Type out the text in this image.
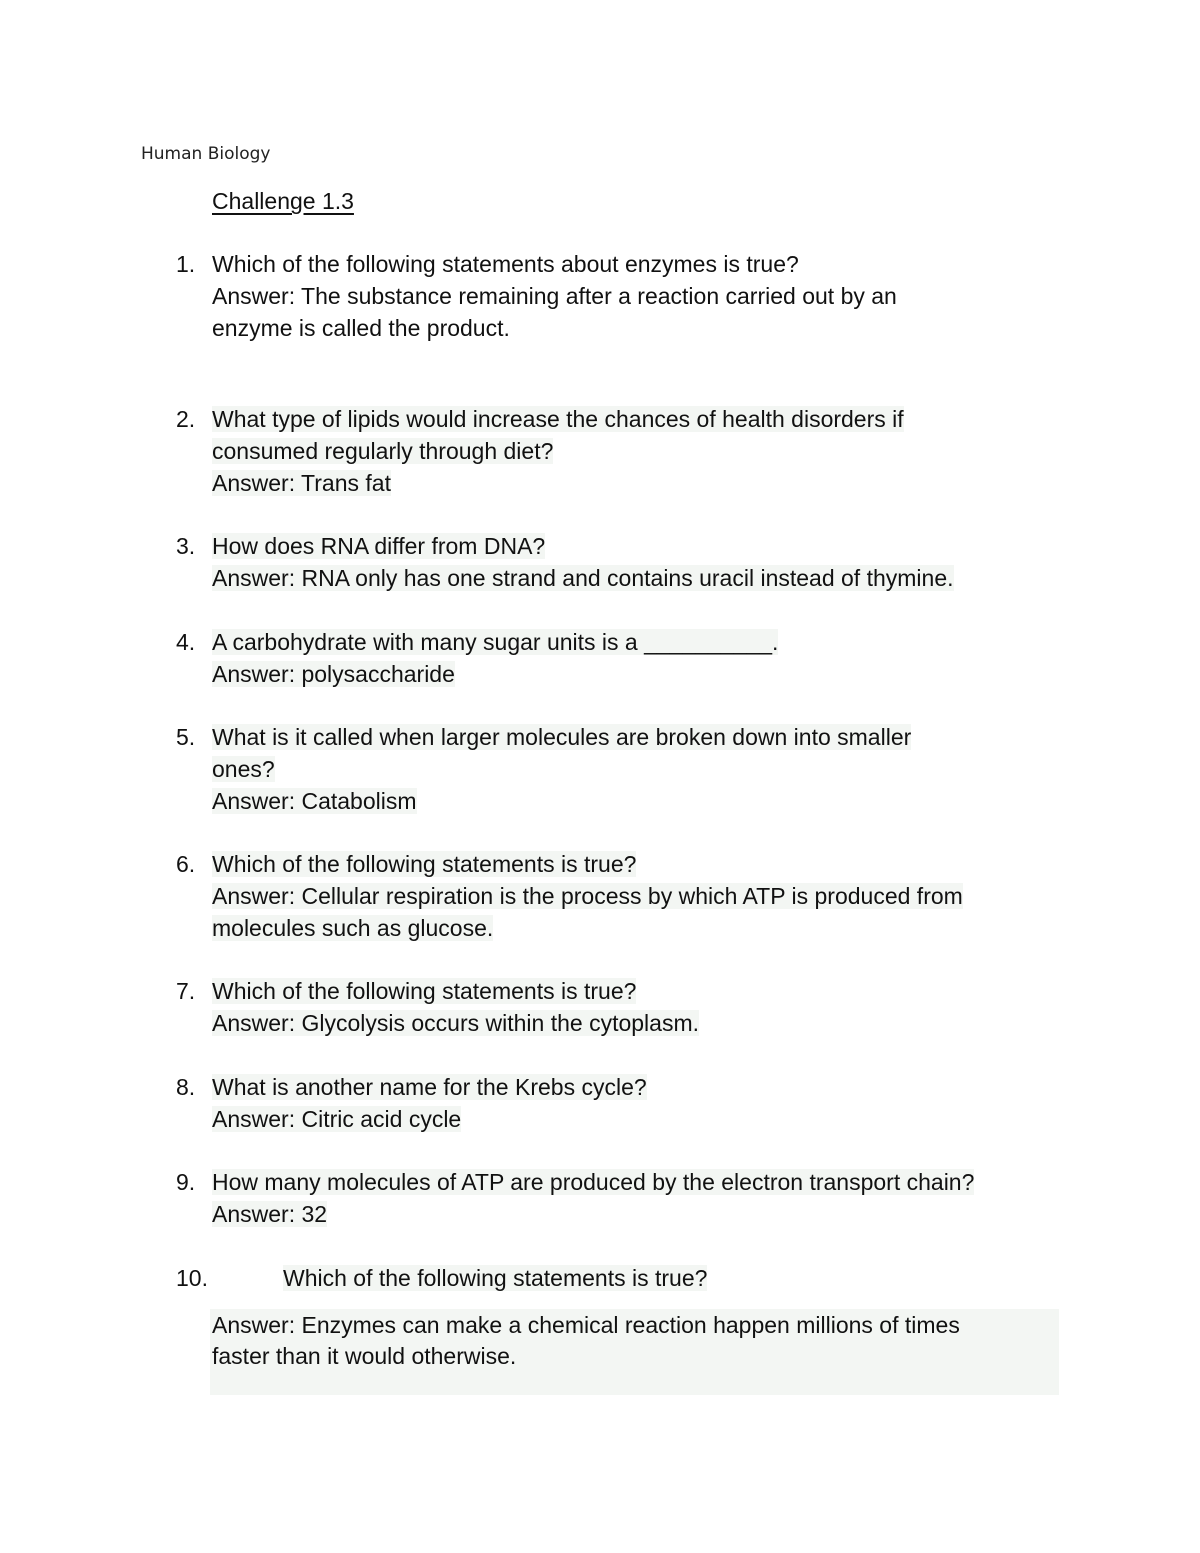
Human Biology
Challenge 1.3
1. Which of the following statements about enzymes is true?
Answer: The substance remaining after a reaction carried out by an
enzyme is called the product.
2. What type of lipids would increase the chances of health disorders if
consumed regularly through diet?
Answer: Trans fat
3. How does RNA differ from DNA?
Answer: RNA only has one strand and contains uracil instead of thymine.
4. A carbohydrate with many sugar units is a __________.
Answer: polysaccharide
5. What is it called when larger molecules are broken down into smaller
ones?
Answer: Catabolism
6. Which of the following statements is true?
Answer: Cellular respiration is the process by which ATP is produced from
molecules such as glucose.
7. Which of the following statements is true?
Answer: Glycolysis occurs within the cytoplasm.
8. What is another name for the Krebs cycle?
Answer: Citric acid cycle
9. How many molecules of ATP are produced by the electron transport chain?
Answer: 32
10.	Which of the following statements is true?
Answer: Enzymes can make a chemical reaction happen millions of times
faster than it would otherwise.
